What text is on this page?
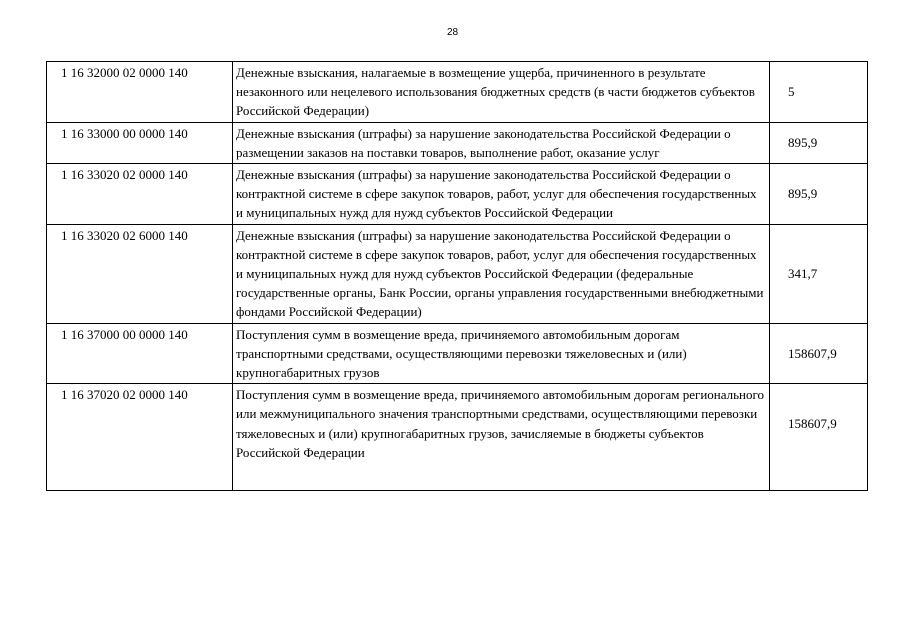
28
1 16 32000 02 0000 140	Денежные взыскания, налагаемые в возмещение ущерба, причиненного в результате незаконного или нецелевого использования бюджетных средств (в части бюджетов субъектов Российской Федерации)	5
1 16 33000 00 0000 140	Денежные взыскания (штрафы) за нарушение законодательства Российской Федерации о размещении заказов на поставки товаров, выполнение работ, оказание услуг	895,9
1 16 33020 02 0000 140	Денежные взыскания (штрафы) за нарушение законодательства Российской Федерации о контрактной системе в сфере закупок товаров, работ, услуг для обеспечения государственных и муниципальных нужд для нужд субъектов Российской Федерации	895,9
1 16 33020 02 6000 140	Денежные взыскания (штрафы) за нарушение законодательства Российской Федерации о контрактной системе в сфере закупок товаров, работ, услуг для обеспечения государственных и муниципальных нужд для нужд субъектов Российской Федерации (федеральные государственные органы, Банк России, органы управления государственными внебюджетными фондами Российской Федерации)	341,7
1 16 37000 00 0000 140	Поступления сумм в возмещение вреда, причиняемого автомобильным дорогам транспортными средствами, осуществляющими перевозки тяжеловесных и (или) крупногабаритных грузов	158607,9
1 16 37020 02 0000 140	Поступления сумм в возмещение вреда, причиняемого автомобильным дорогам регионального или межмуниципального значения транспортными средствами, осуществляющими перевозки тяжеловесных и (или) крупногабаритных грузов, зачисляемые в бюджеты субъектов Российской Федерации	158607,9
